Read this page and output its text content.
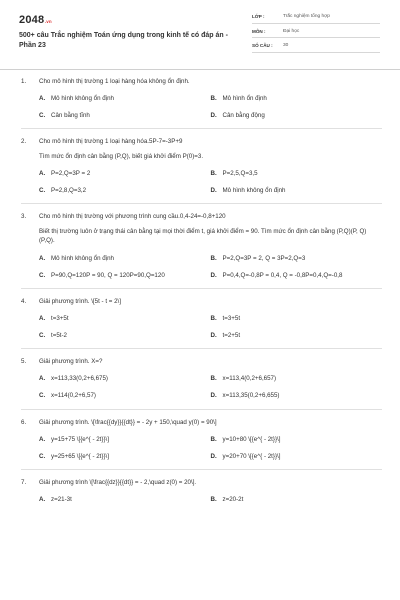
2048.vn
500+ câu Trắc nghiệm Toán ứng dụng trong kinh tế có đáp án - Phần 23
LỚP :	Trắc nghiệm tổng hợp
MÔN :	Đại học
SỐ CÂU :	30
1.	Cho mô hình thị trường 1 loại hàng hóa không ổn định.
A. Mô hình không ổn định	B. Mô hình ổn định
C. Cân bằng tĩnh	D. Cân bằng động
2.	Cho mô hình thị trường 1 loại hàng hóa.5P-7=-3P+9
Tìm mức ổn định cân bằng (P,Q), biết giá khởi điểm P(0)=3.
A. P=2,Q=3P = 2	B. P=2,5,Q=3,5
C. P=2,8,Q=3,2	D. Mô hình không ổn định
3.	Cho mô hình thị trường với phương trình cung cầu.0,4-24=-0,8+120
Biết thị trường luôn ở trạng thái cân bằng tại mọi thời điểm t, giá khởi điểm = 90. Tìm mức ổn định cân bằng (P,Q)(P, Q)(P,Q).
A. Mô hình không ổn định	B. P=2,Q=3P = 2, Q = 3P=2,Q=3
C. P=90,Q=120P = 90, Q = 120P=90,Q=120	D. P=0,4,Q=-0,8P = 0,4, Q = -0,8P=0,4,Q=-0,8
4.	Giải phương trình. \[5t - t = 2\]
A. t=3+5t	B. t=3+5t
C. t=5t-2	D. t=2+5t
5.	Giải phương trình. X=?
A. x=113,33(0,2+6,675)	B. x=113,4(0,2+6,657)
C. x=114(0,2+6,57)	D. x=113,35(0,2+6,655)
6.	Giải phương trình. \[\frac{{dy}}{{dt}} = - 2y + 150,\quad y(0) = 90\]
A. y=15+75 \[{e^{ - 2t}}\]	B. y=10+80 \[{e^{ - 2t}}\]
C. y=25+65 \[{e^{ - 2t}}\]	D. y=20+70 \[{e^{ - 2t}}\]
7.	Giải phương trình \[\frac{{dz}}{{dt}} = - 2,\quad z(0) = 20\].
A. z=21-3t	B. z=20-2t
